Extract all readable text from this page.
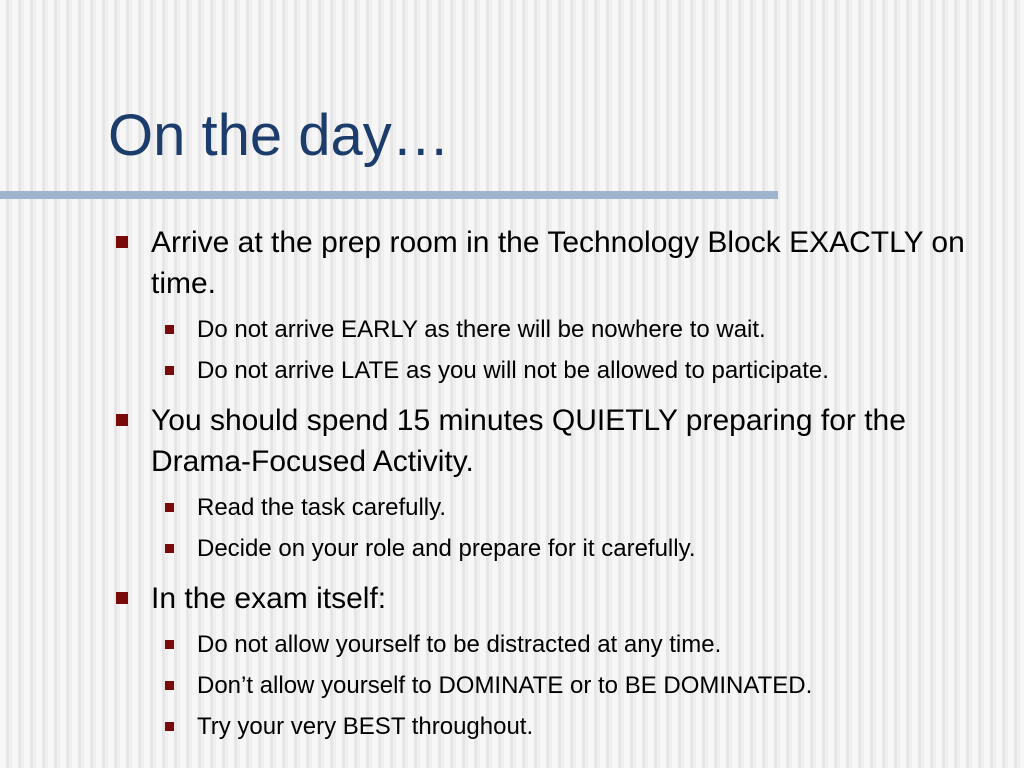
On the day…
Arrive at the prep room in the Technology Block EXACTLY on time.
Do not arrive EARLY as there will be nowhere to wait.
Do not arrive LATE as you will not be allowed to participate.
You should spend 15 minutes QUIETLY preparing for the Drama-Focused Activity.
Read the task carefully.
Decide on your role and prepare for it carefully.
In the exam itself:
Do not allow yourself to be distracted at any time.
Don’t allow yourself to DOMINATE or to BE DOMINATED.
Try your very BEST throughout.
